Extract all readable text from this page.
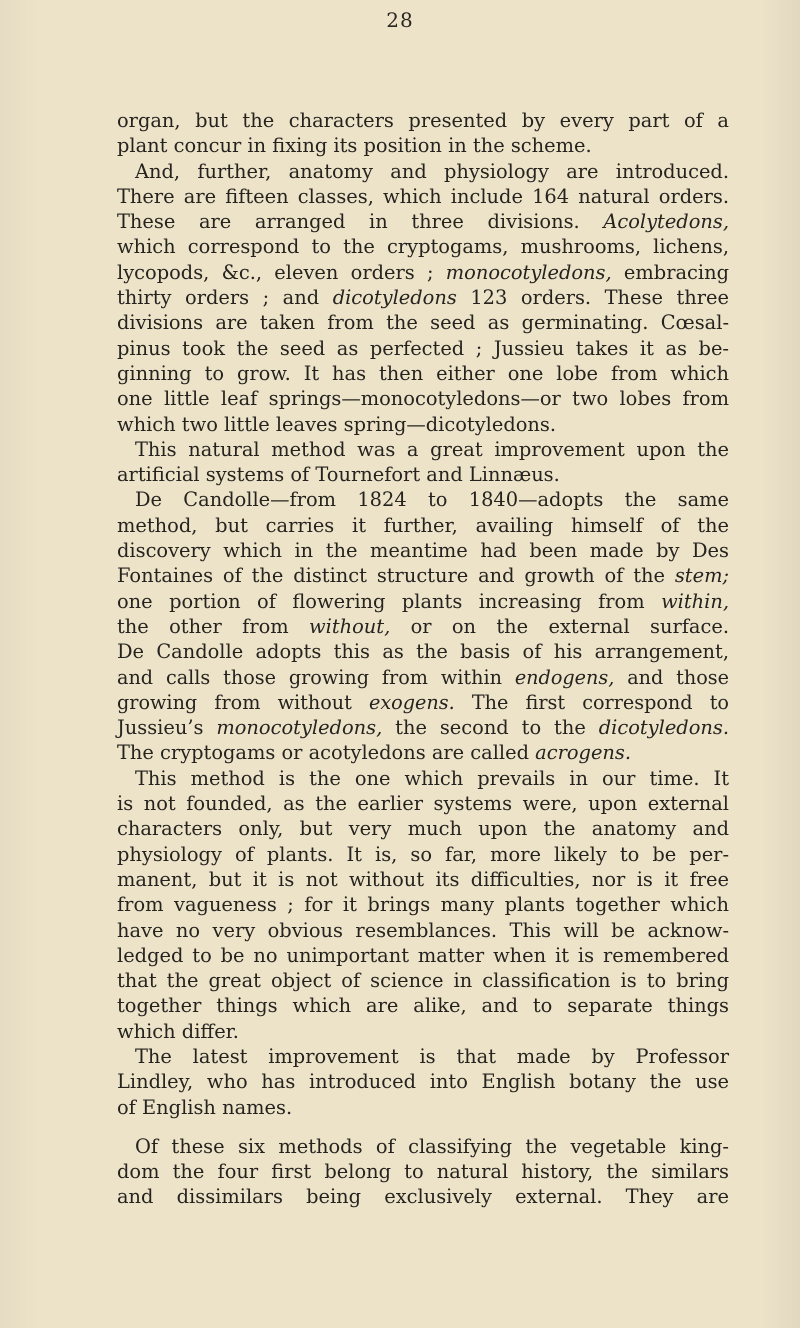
28
organ, but the characters presented by every part of a
plant concur in fixing its position in the scheme.
And, further, anatomy and physiology are introduced.
There are fifteen classes, which include 164 natural orders.
These are arranged in three divisions. Acolytedons,
which correspond to the cryptogams, mushrooms, lichens,
lycopods, &c., eleven orders ; monocotyledons, embracing
thirty orders ; and dicotyledons 123 orders. These three
divisions are taken from the seed as germinating. Cœsal-
pinus took the seed as perfected ; Jussieu takes it as be-
ginning to grow. It has then either one lobe from which
one little leaf springs—monocotyledons—or two lobes from
which two little leaves spring—dicotyledons.
This natural method was a great improvement upon the
artificial systems of Tournefort and Linnæus.
De Candolle—from 1824 to 1840—adopts the same
method, but carries it further, availing himself of the
discovery which in the meantime had been made by Des
Fontaines of the distinct structure and growth of the stem;
one portion of flowering plants increasing from within,
the other from without, or on the external surface.
De Candolle adopts this as the basis of his arrangement,
and calls those growing from within endogens, and those
growing from without exogens. The first correspond to
Jussieu’s monocotyledons, the second to the dicotyledons.
The cryptogams or acotyledons are called acrogens.
This method is the one which prevails in our time. It
is not founded, as the earlier systems were, upon external
characters only, but very much upon the anatomy and
physiology of plants. It is, so far, more likely to be per-
manent, but it is not without its difficulties, nor is it free
from vagueness ; for it brings many plants together which
have no very obvious resemblances. This will be acknow-
ledged to be no unimportant matter when it is remembered
that the great object of science in classification is to bring
together things which are alike, and to separate things
which differ.
The latest improvement is that made by Professor
Lindley, who has introduced into English botany the use
of English names.
Of these six methods of classifying the vegetable king-
dom the four first belong to natural history, the similars
and dissimilars being exclusively external. They are
